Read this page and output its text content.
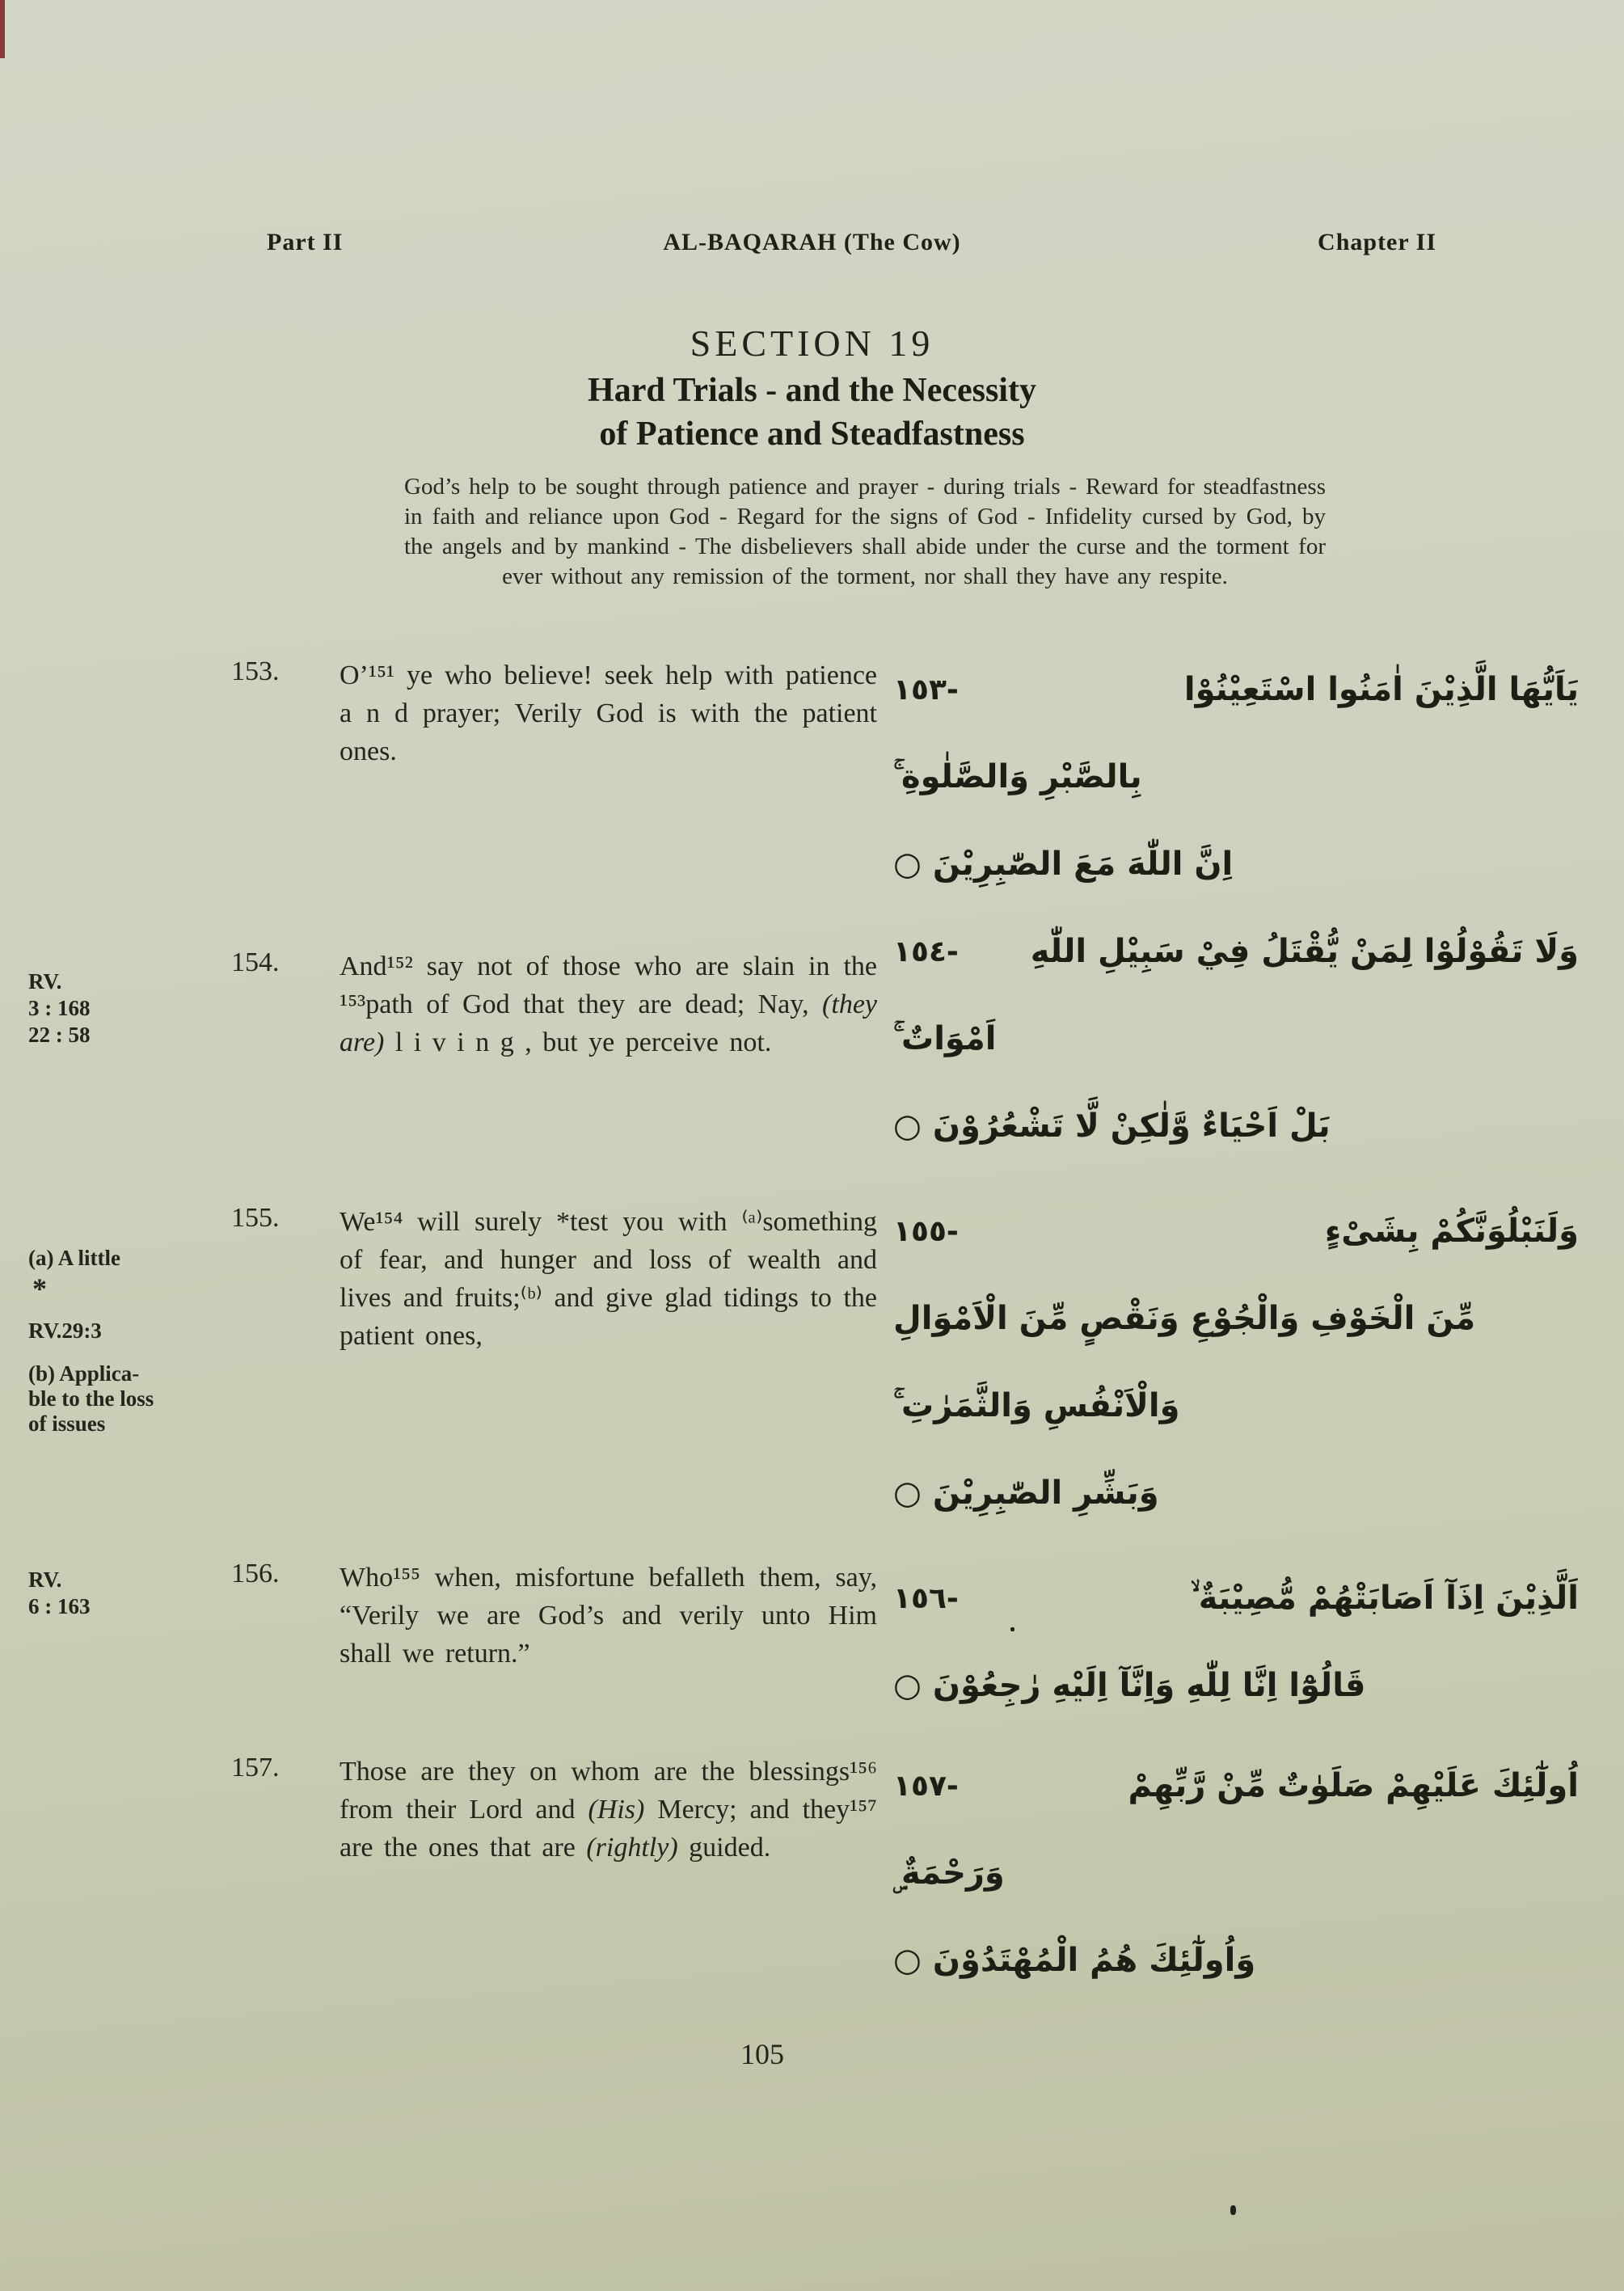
Part II	AL-BAQARAH (The Cow)	Chapter II
SECTION 19
Hard Trials - and the Necessity
of Patience and Steadfastness
God’s help to be sought through patience and prayer - during trials - Reward for steadfastness in faith and reliance upon God - Regard for the signs of God - Infidelity cursed by God, by the angels and by mankind - The disbelievers shall abide under the curse and the torment for ever without any remission of the torment, nor shall they have any respite.
RV.
3 : 168
22 : 58
(a) A little
*
RV.29:3
(b) Applica-
ble to the loss
of issues
RV.
6 : 163
153. O’¹⁵¹ ye who believe! seek help with patience a n d prayer; Verily God is with the patient ones.
١٥٣-	يَاَيُّهَا الَّذِيْنَ اٰمَنُوا اسْتَعِيْنُوْا
بِالصَّبْرِ وَالصَّلٰوةِ ۚ
اِنَّ اللّٰهَ مَعَ الصّٰبِرِيْنَ ○
154. And¹⁵² say not of those who are slain in the ¹⁵³path of God that they are dead; Nay, (they are) l i v i n g , but ye perceive not.
١٥٤-	وَلَا تَقُوْلُوْا لِمَنْ يُّقْتَلُ فِيْ سَبِيْلِ اللّٰهِ
اَمْوَاتٌ ۚ
بَلْ اَحْيَاءٌ وَّلٰكِنْ لَّا تَشْعُرُوْنَ ○
155. We¹⁵⁴ will surely *test you with ⁽ᵃ⁾something of fear, and hunger and loss of wealth and lives and fruits;⁽ᵇ⁾ and give glad tidings to the patient ones,
١٥٥-	وَلَنَبْلُوَنَّكُمْ بِشَىْءٍ
مِّنَ الْخَوْفِ وَالْجُوْعِ وَنَقْصٍ مِّنَ الْاَمْوَالِ
وَالْاَنْفُسِ وَالثَّمَرٰتِ ۚ
وَبَشِّرِ الصّٰبِرِيْنَ ○
156. Who¹⁵⁵ when, misfortune befalleth them, say, “Verily we are God’s and verily unto Him shall we return.”
١٥٦-	اَلَّذِيْنَ اِذَآ اَصَابَتْهُمْ مُّصِيْبَةٌ ۙ
قَالُوْٓا اِنَّا لِلّٰهِ وَاِنَّآ اِلَيْهِ رٰجِعُوْنَ ○
157. Those are they on whom are the blessings¹⁵⁶ from their Lord and (His) Mercy; and they¹⁵⁷ are the ones that are (rightly) guided.
١٥٧-	اُولٰٓئِكَ عَلَيْهِمْ صَلَوٰتٌ مِّنْ رَّبِّهِمْ
وَرَحْمَةٌ ۣ
وَاُولٰٓئِكَ هُمُ الْمُهْتَدُوْنَ ○
105
